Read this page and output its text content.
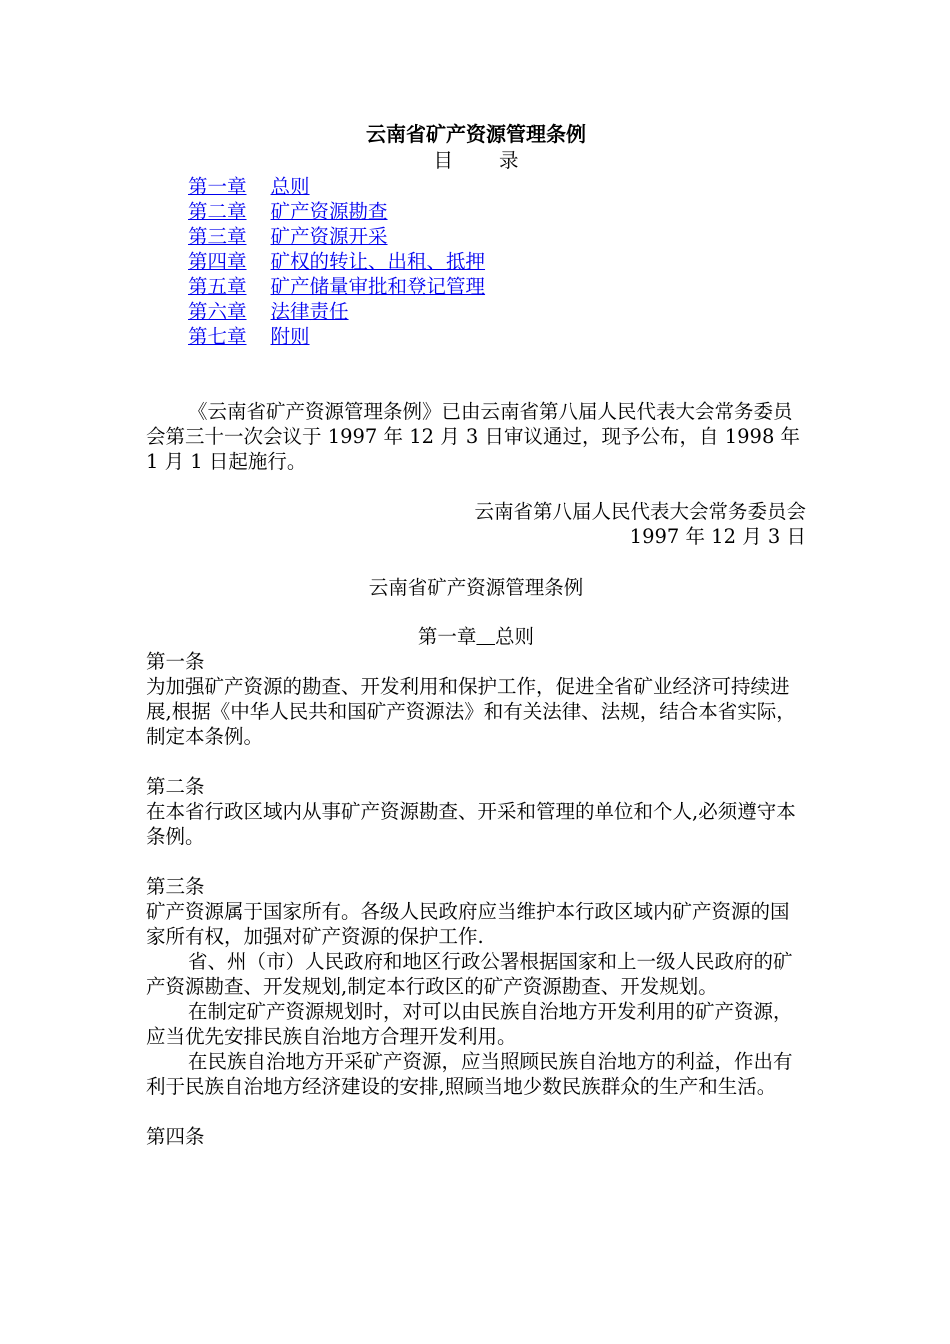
云南省矿产资源管理条例

目 录

第一章 总则
第二章 矿产资源勘查
第三章 矿产资源开采
第四章 矿权的转让、出租、抵押
第五章 矿产储量审批和登记管理
第六章 法律责任
第七章 附则

《云南省矿产资源管理条例》已由云南省第八届人民代表大会常务委员会第三十一次会议于 1997 年 12 月 3 日审议通过，现予公布，自 1998 年 1 月 1 日起施行。

云南省第八届人民代表大会常务委员会

1997 年 12 月 3 日

云南省矿产资源管理条例

第一章 总则

第一条

为加强矿产资源的勘查、开发利用和保护工作，促进全省矿业经济可持续进展,根据《中华人民共和国矿产资源法》和有关法律、法规，结合本省实际，制定本条例。

第二条

在本省行政区域内从事矿产资源勘查、开采和管理的单位和个人,必须遵守本条例。

第三条

矿产资源属于国家所有。各级人民政府应当维护本行政区域内矿产资源的国家所有权，加强对矿产资源的保护工作.

省、州（市）人民政府和地区行政公署根据国家和上一级人民政府的矿产资源勘查、开发规划,制定本行政区的矿产资源勘查、开发规划。

在制定矿产资源规划时，对可以由民族自治地方开发利用的矿产资源，应当优先安排民族自治地方合理开发利用。

在民族自治地方开采矿产资源，应当照顾民族自治地方的利益，作出有利于民族自治地方经济建设的安排,照顾当地少数民族群众的生产和生活。

第四条
